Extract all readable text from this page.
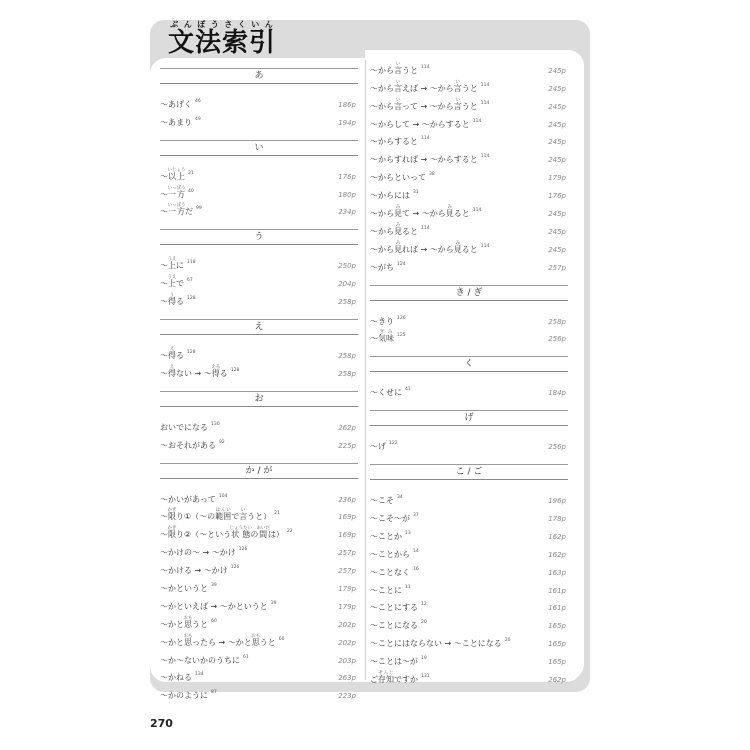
文ぶん法ぽう索さく引いん
あ
〜あげく $^{46}$	186p
〜あまり $^{49}$	194p
い
〜以上いじょう$^{31}$	176p
〜一方いっぽう$^{40}$	180p
〜一方いっぽうだ $^{99}$	234p
う
〜上うえに $^{118}$	250p
〜上うえで $^{67}$	204p
〜得うる $^{128}$	258p
え
〜得える $^{128}$	258p
〜得えない → 〜得えるる $^{128}$	258p
お
おいでになる $^{130}$	262p
〜おそれがある $^{92}$	225p
か / が
〜かいがあって $^{104}$	236p
〜限かぎり①（〜の範囲はんいで言いうと） $^{21}$	169p
〜限かぎり②（〜という状態じょうたいの間あいだは） $^{22}$	169p
〜かけの〜 → 〜かけ $^{126}$	257p
〜かける → 〜かけ $^{126}$	257p
〜かというと $^{39}$	179p
〜かといえば → 〜かというと $^{39}$	179p
〜かと思おもうと $^{60}$	202p
〜かと思おもったら → 〜かと思おもうと $^{60}$	202p
〜か〜ないかのうちに $^{61}$	203p
〜かねる $^{134}$	263p
〜かのように $^{87}$	223p
〜から言いうと $^{114}$	245p
〜から言いえば → 〜から言いうと $^{114}$	245p
〜から言いって → 〜から言いうと $^{114}$	245p
〜からして → 〜からすると $^{114}$	245p
〜からすると $^{114}$	245p
〜からすれば → 〜からすると $^{114}$	245p
〜からといって $^{38}$	179p
〜からには $^{31}$	176p
〜から見みて → 〜から見みると $^{114}$	245p
〜から見みると $^{114}$	245p
〜から見みれば → 〜から見みると $^{114}$	245p
〜がち $^{124}$	257p
き / ぎ
〜きり $^{126}$	258p
〜気味ぎみ$^{125}$	256p
く
〜くせに $^{41}$	184p
げ
〜げ $^{122}$	256p
こ / ご
〜こそ $^{34}$	196p
〜こそ〜が $^{37}$	178p
〜ことか $^{13}$	162p
〜ことから $^{14}$	162p
〜ことなく $^{16}$	163p
〜ことに $^{11}$	161p
〜ことにする $^{12}$	161p
〜ことになる $^{20}$	165p
〜ことにはならない → 〜ことになる $^{20}$	165p
〜ことは〜が $^{19}$	165p
ご存知ぞんじですか $^{131}$	262p
270
